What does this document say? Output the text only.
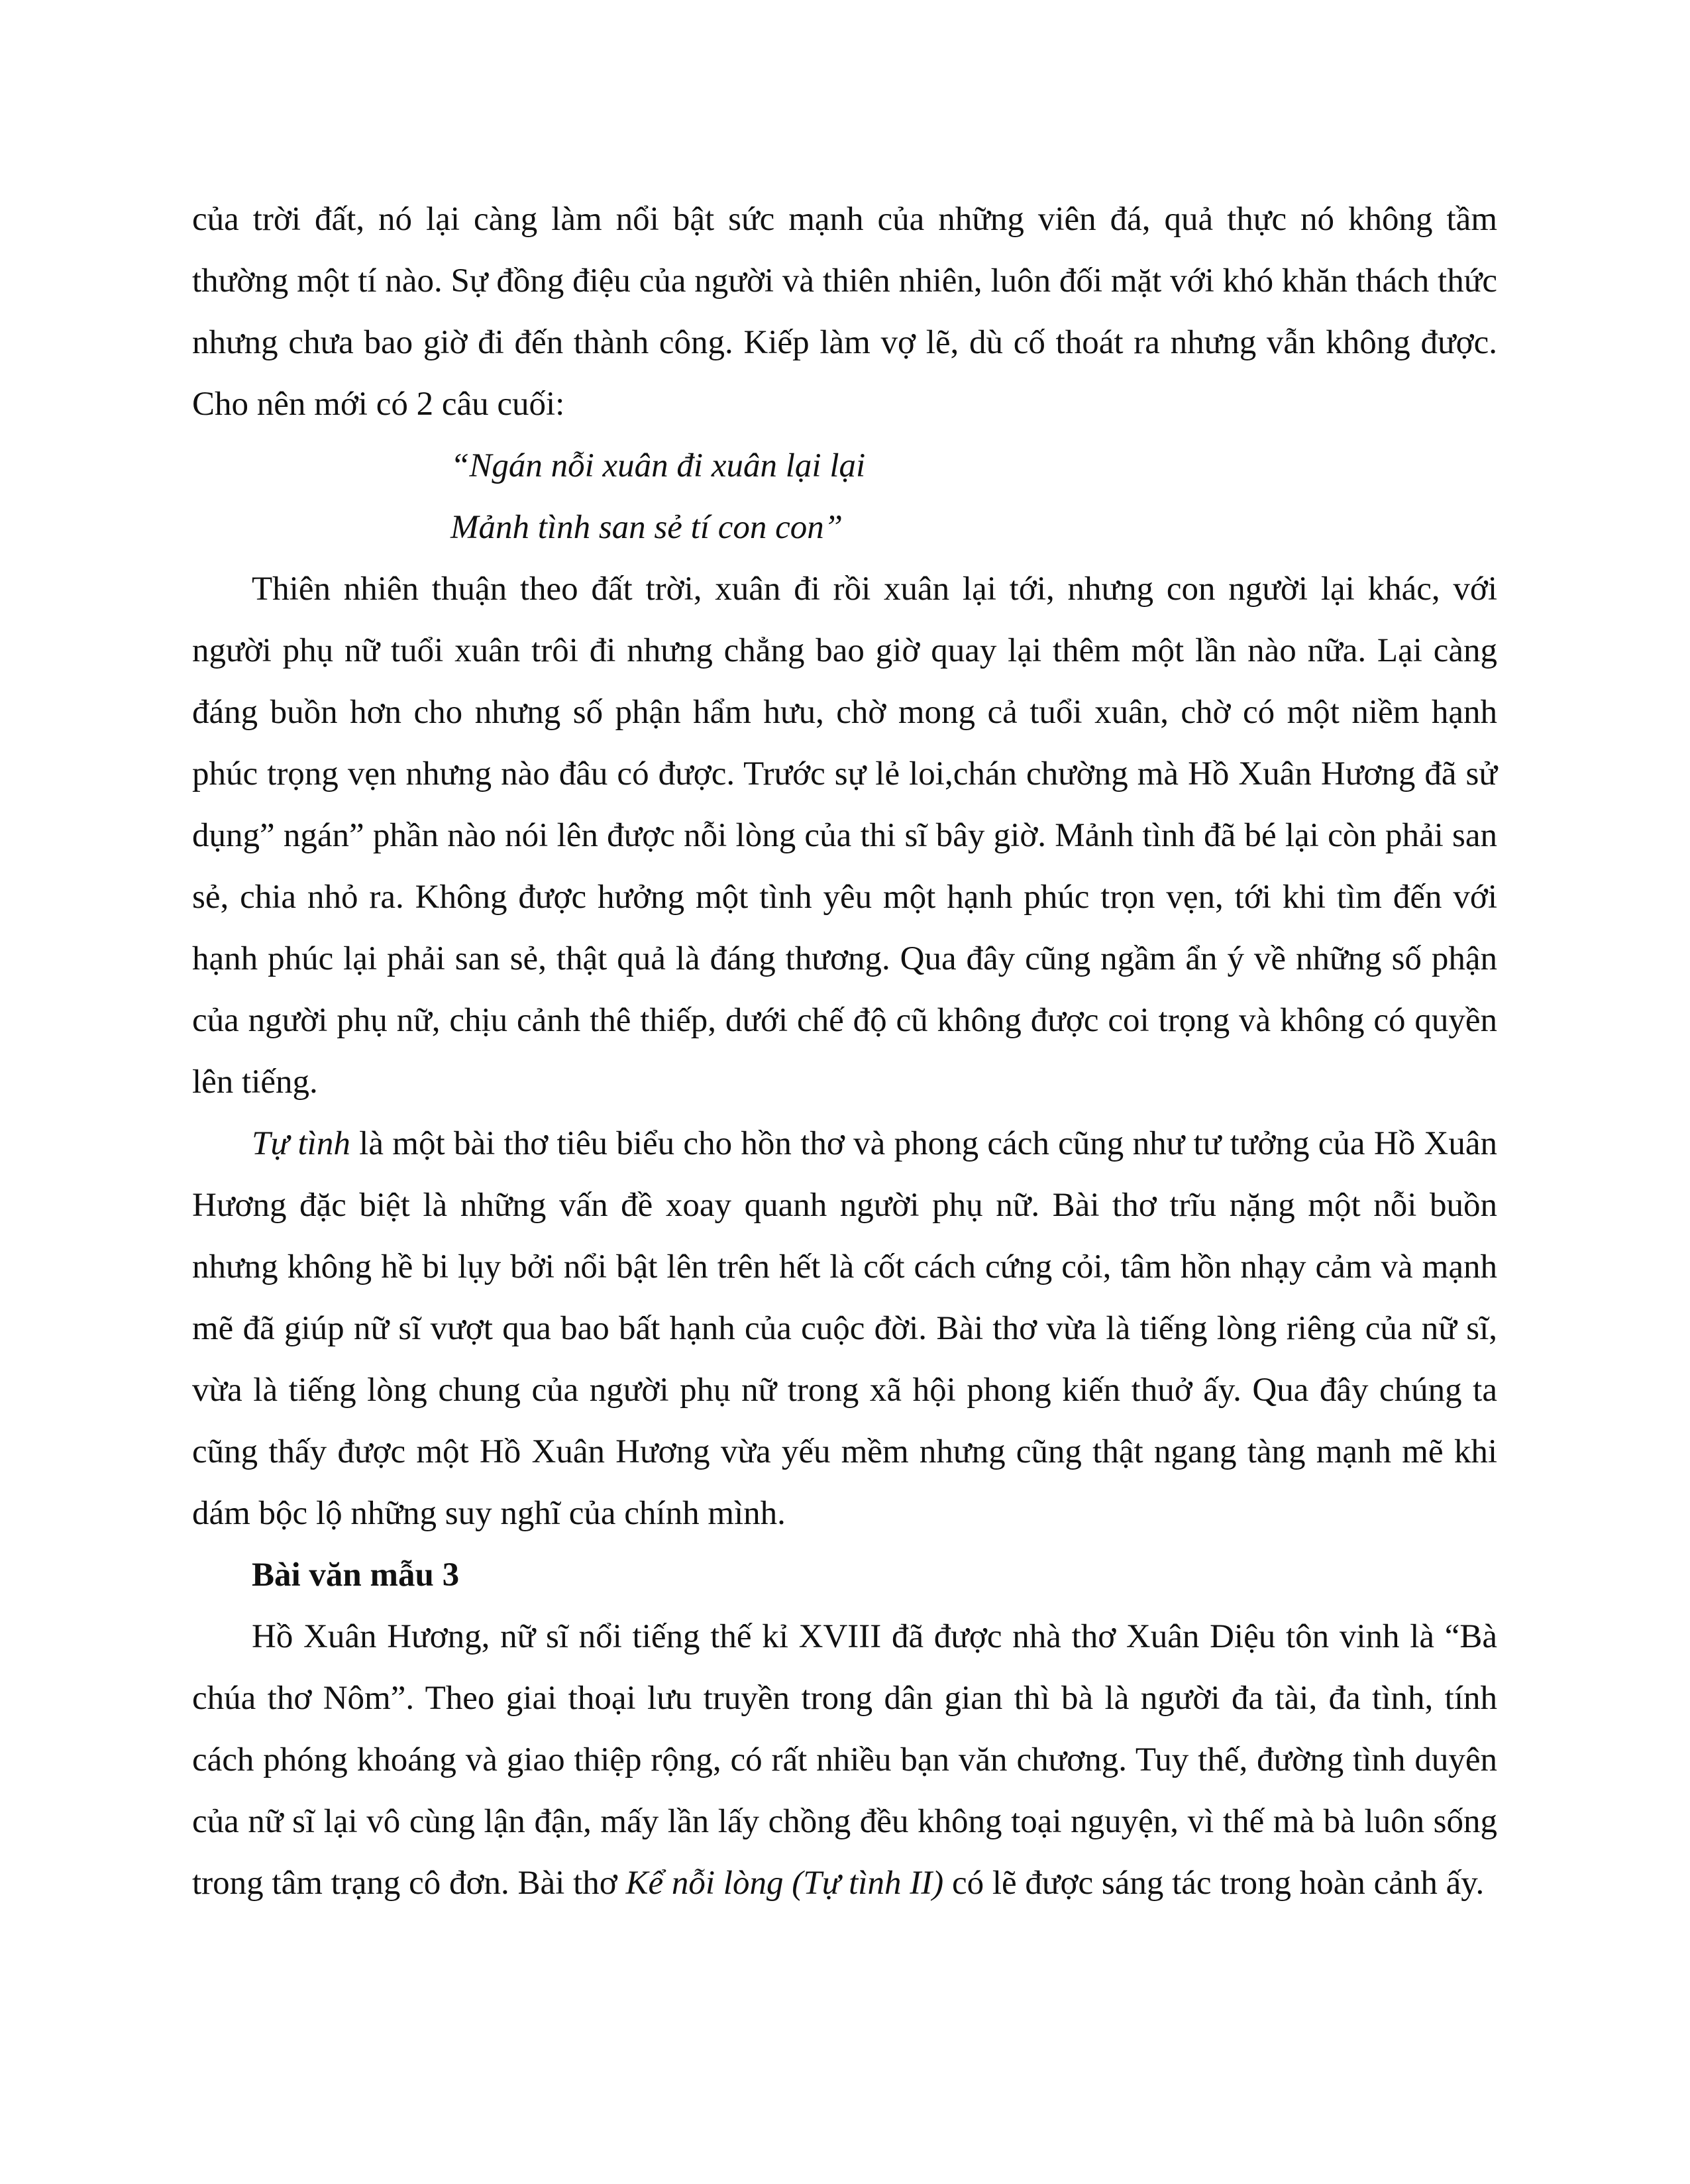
của trời đất, nó lại càng làm nổi bật sức mạnh của những viên đá, quả thực nó không tầm thường một tí nào. Sự đồng điệu của người và thiên nhiên, luôn đối mặt với khó khăn thách thức nhưng chưa bao giờ đi đến thành công. Kiếp làm vợ lẽ, dù cố thoát ra nhưng vẫn không được. Cho nên mới có 2 câu cuối:

“Ngán nỗi xuân đi xuân lại lại
Mảnh tình san sẻ tí con con”

Thiên nhiên thuận theo đất trời, xuân đi rồi xuân lại tới, nhưng con người lại khác, với người phụ nữ tuổi xuân trôi đi nhưng chẳng bao giờ quay lại thêm một lần nào nữa. Lại càng đáng buồn hơn cho nhưng số phận hẩm hưu, chờ mong cả tuổi xuân, chờ có một niềm hạnh phúc trọng vẹn nhưng nào đâu có được. Trước sự lẻ loi,chán chường mà Hồ Xuân Hương đã sử dụng” ngán” phần nào nói lên được nỗi lòng của thi sĩ bây giờ. Mảnh tình đã bé lại còn phải san sẻ, chia nhỏ ra. Không được hưởng một tình yêu một hạnh phúc trọn vẹn, tới khi tìm đến với hạnh phúc lại phải san sẻ, thật quả là đáng thương. Qua đây cũng ngầm ẩn ý về những số phận của người phụ nữ, chịu cảnh thê thiếp, dưới chế độ cũ không được coi trọng và không có quyền lên tiếng.

Tự tình là một bài thơ tiêu biểu cho hồn thơ và phong cách cũng như tư tưởng của Hồ Xuân Hương đặc biệt là những vấn đề xoay quanh người phụ nữ. Bài thơ trĩu nặng một nỗi buồn nhưng không hề bi lụy bởi nổi bật lên trên hết là cốt cách cứng cỏi, tâm hồn nhạy cảm và mạnh mẽ đã giúp nữ sĩ vượt qua bao bất hạnh của cuộc đời. Bài thơ vừa là tiếng lòng riêng của nữ sĩ, vừa là tiếng lòng chung của người phụ nữ trong xã hội phong kiến thuở ấy. Qua đây chúng ta cũng thấy được một Hồ Xuân Hương vừa yếu mềm nhưng cũng thật ngang tàng mạnh mẽ khi dám bộc lộ những suy nghĩ của chính mình.

Bài văn mẫu 3

Hồ Xuân Hương, nữ sĩ nổi tiếng thế kỉ XVIII đã được nhà thơ Xuân Diệu tôn vinh là “Bà chúa thơ Nôm”. Theo giai thoại lưu truyền trong dân gian thì bà là người đa tài, đa tình, tính cách phóng khoáng và giao thiệp rộng, có rất nhiều bạn văn chương. Tuy thế, đường tình duyên của nữ sĩ lại vô cùng lận đận, mấy lần lấy chồng đều không toại nguyện, vì thế mà bà luôn sống trong tâm trạng cô đơn. Bài thơ Kể nỗi lòng (Tự tình II) có lẽ được sáng tác trong hoàn cảnh ấy.
